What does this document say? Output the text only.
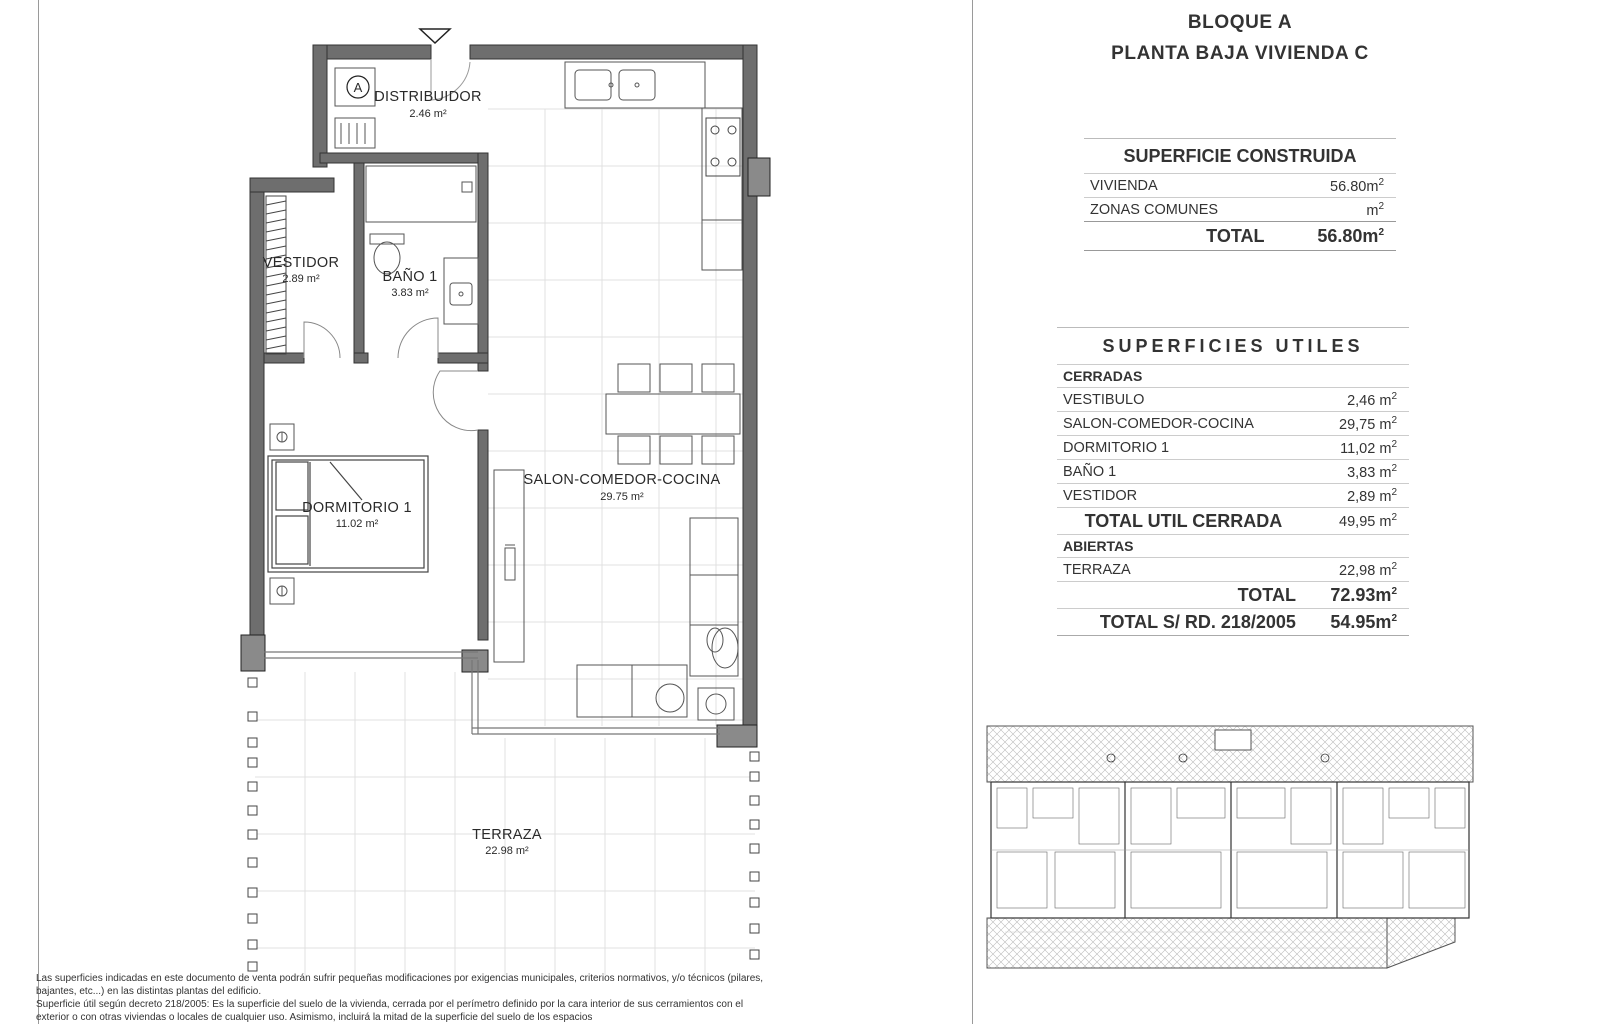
A
DISTRIBUIDOR
2.46 m²
VESTIDOR
2.89 m²	BAÑO 1
3.83 m²
SALON-COMEDOR-COCINA
29.75 m²
DORMITORIO 1
11.02 m²
TERRAZA
22.98 m²
BLOQUE A
PLANTA BAJA VIVIENDA C
SUPERFICIE CONSTRUIDA	
VIVIENDA	$56.80m^2$
ZONAS COMUNES	$m^2$
TOTAL	$56.80m^2$
SUPERFICIES UTILES	
CERRADAS	
VESTIBULO	2,46 $m^2$
SALON-COMEDOR-COCINA	29,75 $m^2$
DORMITORIO 1	11,02 $m^2$
BAÑO 1	3,83 $m^2$
VESTIDOR	2,89 $m^2$
TOTAL UTIL CERRADA	49,95 $m^2$
ABIERTAS	
TERRAZA	22,98 $m^2$
TOTAL	$72.93m^2$
TOTAL S/ RD. 218/2005	$54.95m^2$

Las superficies indicadas en este documento de venta podrán sufrir pequeñas modificaciones por exigencias municipales, criterios normativos, y/o técnicos (pilares, bajantes, etc...) en las distintas plantas del edificio.

Superficie útil según decreto 218/2005: Es la superficie del suelo de la vivienda, cerrada por el perímetro definido por la cara interior de sus cerramientos con el exterior o con otras viviendas o locales de cualquier uso. Asimismo, incluirá la mitad de la superficie del suelo de los espacios
